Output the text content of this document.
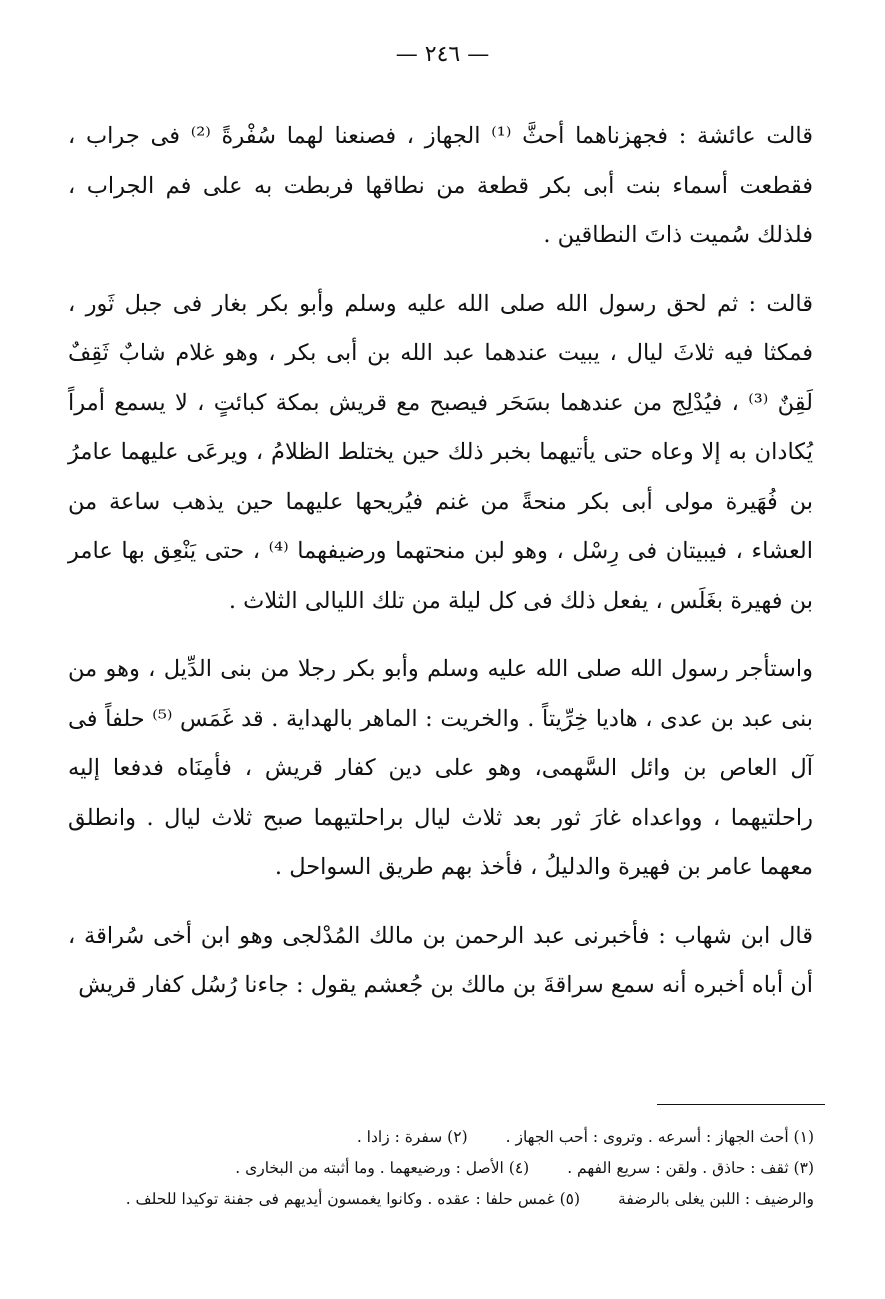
— ٢٤٦ —

قالت عائشة : فجهزناهما أحثَّ ⁽¹⁾ الجهاز ، فصنعنا لهما سُفْرةً ⁽²⁾ فى جراب ، فقطعت أسماء بنت أبى بكر قطعة من نطاقها فربطت به على فم الجراب ، فلذلك سُميت ذاتَ النطاقين .

قالت : ثم لحق رسول الله صلى الله عليه وسلم وأبو بكر بغار فى جبل ثَور ، فمكثا فيه ثلاثَ ليال ، يبيت عندهما عبد الله بن أبى بكر ، وهو غلام شابٌ ثَقِفٌ لَقِنٌ ⁽³⁾ ، فيُدْلِج من عندهما بسَحَر فيصبح مع قريش بمكة كبائتٍ ، لا يسمع أمراً يُكادان به إلا وعاه حتى يأتيهما بخبر ذلك حين يختلط الظلامُ ، ويرعَى عليهما عامرُ بن فُهَيرة مولى أبى بكر منحةً من غنم فيُريحها عليهما حين يذهب ساعة من العشاء ، فيبيتان فى رِسْل ، وهو لبن منحتهما ورضيفهما ⁽⁴⁾ ، حتى يَنْعِق بها عامر بن فهيرة بغَلَس ، يفعل ذلك فى كل ليلة من تلك الليالى الثلاث .

واستأجر رسول الله صلى الله عليه وسلم وأبو بكر رجلا من بنى الدِّيل ، وهو من بنى عبد بن عدى ، هاديا خِرِّيتاً . والخريت : الماهر بالهداية . قد غَمَس ⁽⁵⁾ حلفاً فى آل العاص بن وائل السَّهمى، وهو على دين كفار قريش ، فأمِنَاه فدفعا إليه راحلتيهما ، وواعداه غارَ ثور بعد ثلاث ليال براحلتيهما صبح ثلاث ليال . وانطلق معهما عامر بن فهيرة والدليلُ ، فأخذ بهم طريق السواحل .

قال ابن شهاب : فأخبرنى عبد الرحمن بن مالك المُدْلجى وهو ابن أخى سُراقة ، أن أباه أخبره أنه سمع سراقةَ بن مالك بن جُعشم يقول : جاءنا رُسُل كفار قريش

(١) أحث الجهاز : أسرعه . وتروى : أحب الجهاز .(٢) سفرة : زادا .
(٣) ثقف : حاذق . ولقن : سريع الفهم .(٤) الأصل : ورضيعهما . وما أثبته من البخارى .
والرضيف : اللبن يغلى بالرضفة(٥) غمس حلفا : عقده . وكانوا يغمسون أيديهم فى جفنة توكيدا للحلف .
